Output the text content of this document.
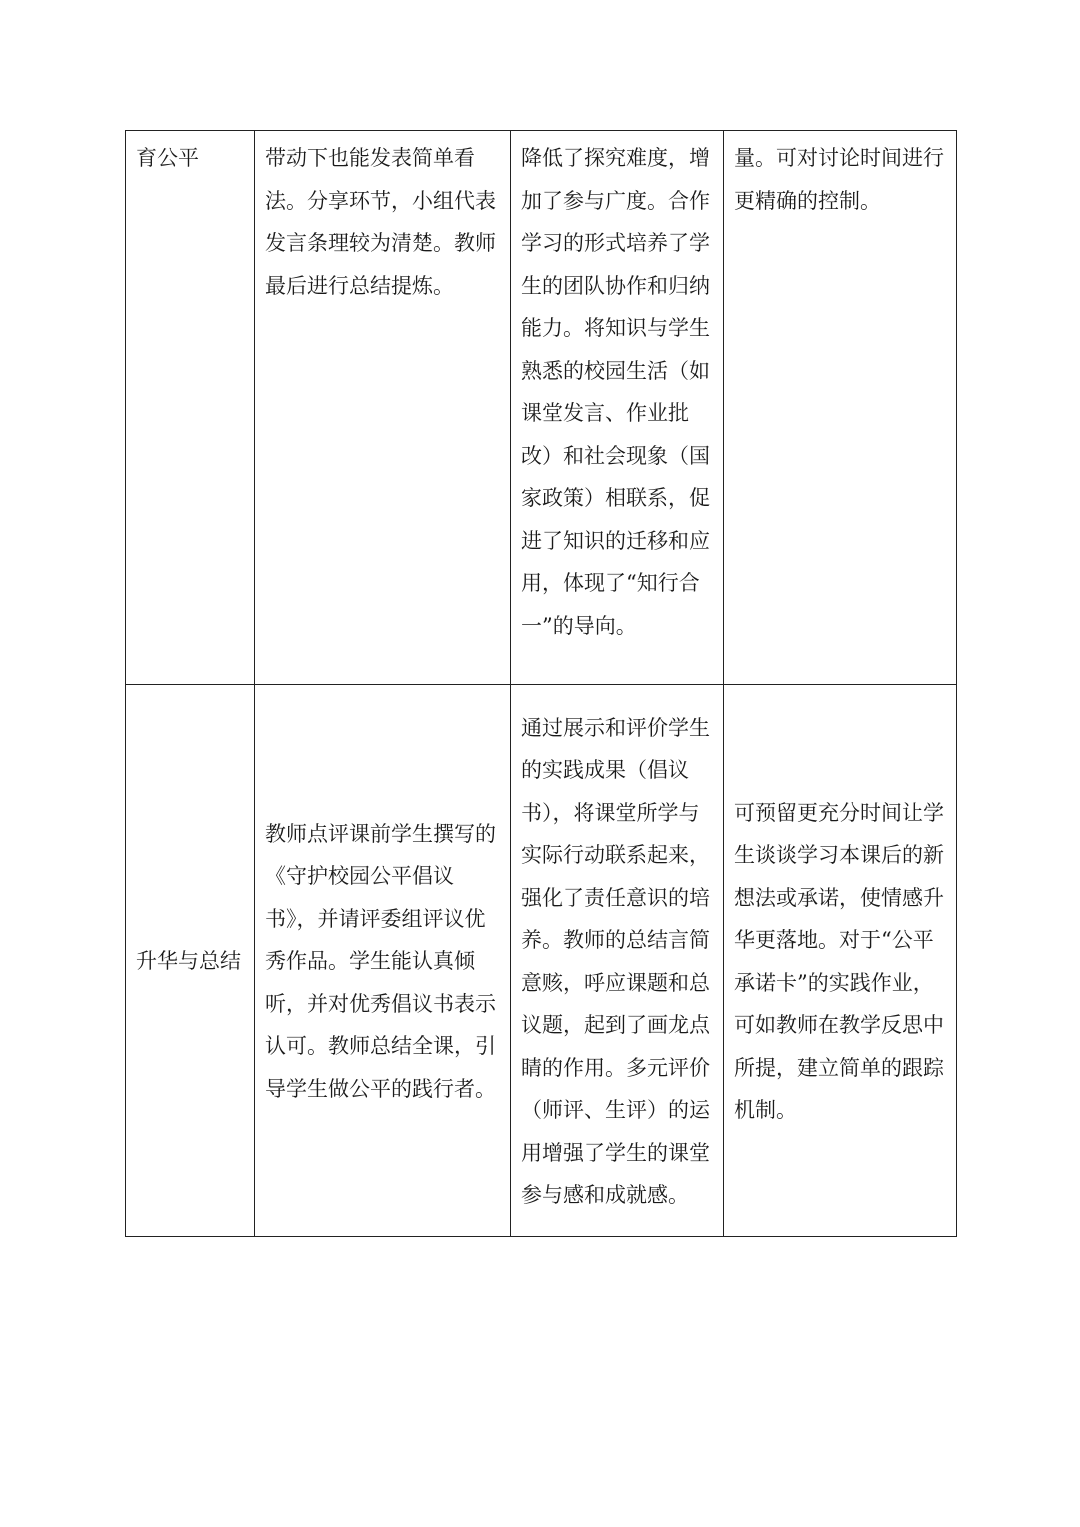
育公平	带动下也能发表简单看法。分享环节，小组代表发言条理较为清楚。教师最后进行总结提炼。	降低了探究难度，增加了参与广度。合作学习的形式培养了学生的团队协作和归纳能力。将知识与学生熟悉的校园生活（如课堂发言、作业批改）和社会现象（国家政策）相联系，促进了知识的迁移和应用，体现了“知行合一”的导向。	量。可对讨论时间进行更精确的控制。
升华与总结	教师点评课前学生撰写的《守护校园公平倡议书》，并请评委组评议优秀作品。学生能认真倾听，并对优秀倡议书表示认可。教师总结全课，引导学生做公平的践行者。	通过展示和评价学生的实践成果（倡议书），将课堂所学与实际行动联系起来，强化了责任意识的培养。教师的总结言简意赅，呼应课题和总议题，起到了画龙点睛的作用。多元评价（师评、生评）的运用增强了学生的课堂参与感和成就感。	可预留更充分时间让学生谈谈学习本课后的新想法或承诺，使情感升华更落地。对于“公平承诺卡”的实践作业，可如教师在教学反思中所提，建立简单的跟踪机制。
